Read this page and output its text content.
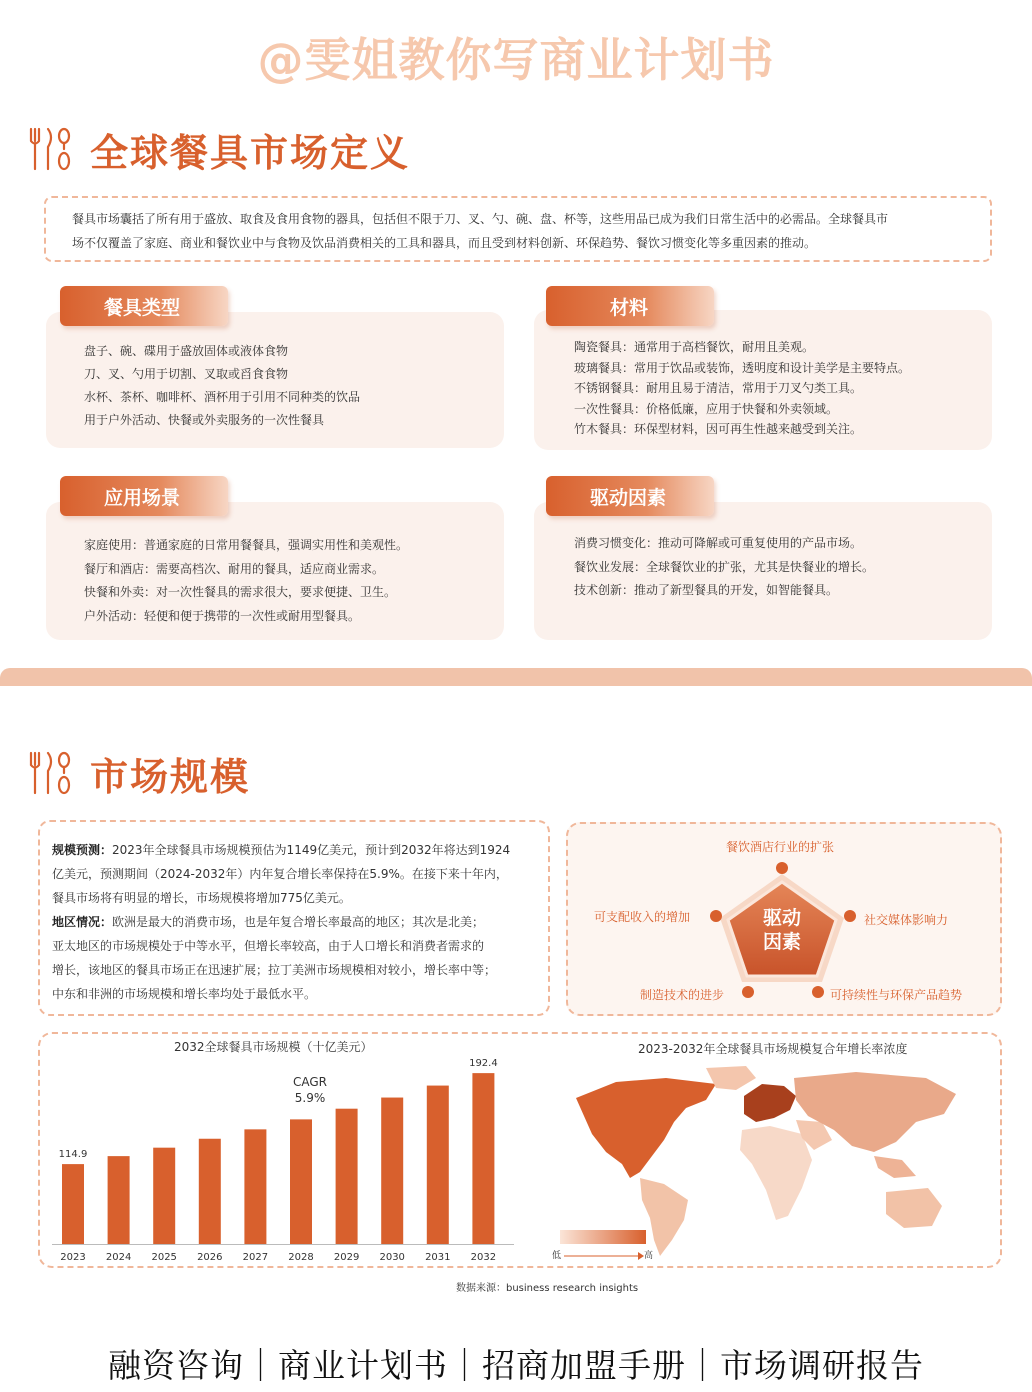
@雯姐教你写商业计划书
全球餐具市场定义
餐具市场囊括了所有用于盛放、取食及食用食物的器具，包括但不限于刀、叉、勺、碗、盘、杯等，这些用品已成为我们日常生活中的必需品。全球餐具市
场不仅覆盖了家庭、商业和餐饮业中与食物及饮品消费相关的工具和器具，而且受到材料创新、环保趋势、餐饮习惯变化等多重因素的推动。
盘子、碗、碟用于盛放固体或液体食物
刀、叉、勺用于切割、叉取或舀食食物
水杯、茶杯、咖啡杯、酒杯用于引用不同种类的饮品
用于户外活动、快餐或外卖服务的一次性餐具
餐具类型
陶瓷餐具：通常用于高档餐饮，耐用且美观。
玻璃餐具：常用于饮品或装饰，透明度和设计美学是主要特点。
不锈钢餐具：耐用且易于清洁，常用于刀叉勺类工具。
一次性餐具：价格低廉，应用于快餐和外卖领域。
竹木餐具：环保型材料，因可再生性越来越受到关注。
材料
家庭使用：普通家庭的日常用餐餐具，强调实用性和美观性。
餐厅和酒店：需要高档次、耐用的餐具，适应商业需求。
快餐和外卖：对一次性餐具的需求很大，要求便捷、卫生。
户外活动：轻便和便于携带的一次性或耐用型餐具。
应用场景
消费习惯变化：推动可降解或可重复使用的产品市场。
餐饮业发展：全球餐饮业的扩张，尤其是快餐业的增长。
技术创新：推动了新型餐具的开发，如智能餐具。
驱动因素
市场规模
规模预测：2023年全球餐具市场规模预估为1149亿美元，预计到2032年将达到1924
亿美元，预测期间（2024-2032年）内年复合增长率保持在5.9%。在接下来十年内，
餐具市场将有明显的增长，市场规模将增加775亿美元。
地区情况：欧洲是最大的消费市场，也是年复合增长率最高的地区；其次是北美；
亚太地区的市场规模处于中等水平，但增长率较高，由于人口增长和消费者需求的
增长，该地区的餐具市场正在迅速扩展；拉丁美洲市场规模相对较小，增长率中等；
中东和非洲的市场规模和增长率均处于最低水平。
驱动
因素
餐饮酒店行业的扩张
可支配收入的增加	社交媒体影响力
制造技术的进步	可持续性与环保产品趋势
2032全球餐具市场规模（十亿美元）
2023
114.9
2024 2025 2026 2027 2028 2029 2030 2031 2032
192.4
CAGR
5.9%
2023-2032年全球餐具市场规模复合年增长率浓度
低	高
数据来源：business research insights
融资咨询｜商业计划书｜招商加盟手册｜市场调研报告
